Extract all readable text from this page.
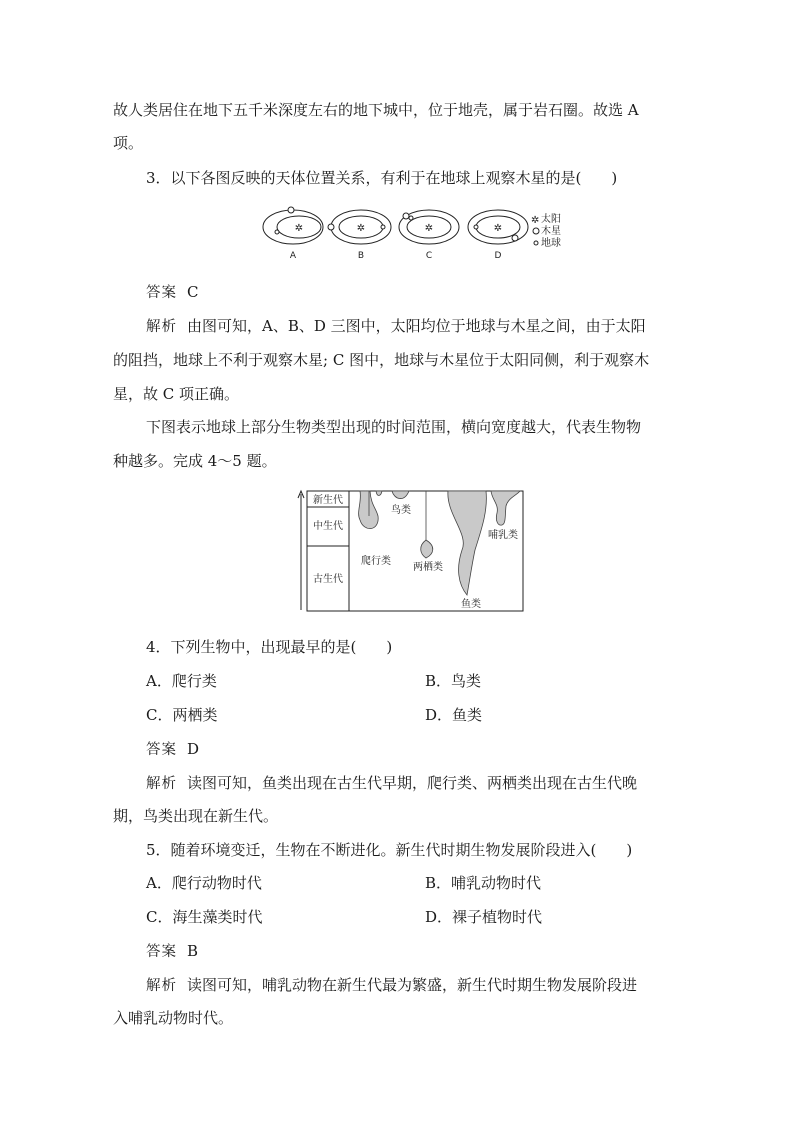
故人类居住在地下五千米深度左右的地下城中，位于地壳，属于岩石圈。故选 A
项。
3．以下各图反映的天体位置关系，有利于在地球上观察木星的是(　　)
✲	✲	✲	✲
A	B	C	D
✲ 太阳
木星
地球
答案 C
解析 由图可知，A、B、D 三图中，太阳均位于地球与木星之间，由于太阳
的阻挡，地球上不利于观察木星; C 图中，地球与木星位于太阳同侧，利于观察木
星，故 C 项正确。
下图表示地球上部分生物类型出现的时间范围，横向宽度越大，代表生物物
种越多。完成 4～5 题。
新生代
中生代
古生代
鸟类
爬行类
两栖类
鱼类
哺乳类
4．下列生物中，出现最早的是(　　)
A．爬行类	B．鸟类
C．两栖类	D．鱼类
答案 D
解析 读图可知，鱼类出现在古生代早期，爬行类、两栖类出现在古生代晚
期，鸟类出现在新生代。
5．随着环境变迁，生物在不断进化。新生代时期生物发展阶段进入(　　)
A．爬行动物时代	B．哺乳动物时代
C．海生藻类时代	D．裸子植物时代
答案 B
解析 读图可知，哺乳动物在新生代最为繁盛，新生代时期生物发展阶段进
入哺乳动物时代。
